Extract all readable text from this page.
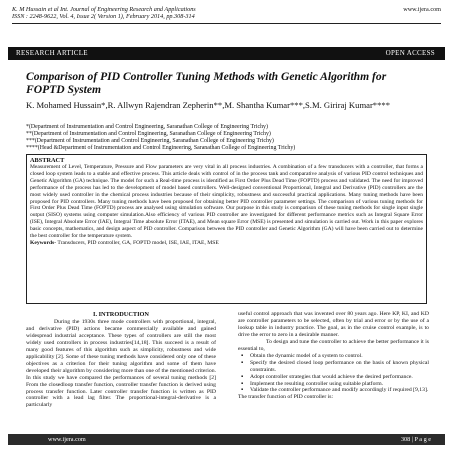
K. M Hussain et al Int. Journal of Engineering Research and Applications
ISSN : 2248-9622, Vol. 4, Issue 2( Version 1), February 2014, pp.308-314
www.ijera.com
RESEARCH ARTICLE	OPEN ACCESS
Comparison of PID Controller Tuning Methods with Genetic Algorithm for FOPTD System
K. Mohamed Hussain*,R. Allwyn Rajendran Zepherin**,M. Shantha Kumar***,S.M. Giriraj Kumar****
*(Department of Instrumentation and Control Engineering, Saranathan College of Engineering Trichy)
**(Department of Instrumentation and Control Engineering, Saranathan College of Engineering Trichy)
***(Department of Instrumentation and Control Engineering, Saranathan College of Engineering Trichy)
****(Head &Department of Instrumentation and Control Engineering, Saranathan College of Engineering Trichy)
ABSTRACT

Measurement of Level, Temperature, Pressure and Flow parameters are very vital in all process industries. A combination of a few transducers with a controller, that forms a closed loop system leads to a stable and effective process. This article deals with control of in the process tank and comparative analysis of various PID control techniques and Genetic Algorithm (GA) technique. The model for such a Real-time process is identified as First Order Plus Dead Time (FOPTD) process and validated. The need for improved performance of the process has led to the development of model based controllers. Well-designed conventional Proportional, Integral and Derivative (PID) controllers are the most widely used controller in the chemical process industries because of their simplicity, robustness and successful practical applications. Many tuning methods have been proposed for PID controllers. Many tuning methods have been proposed for obtaining better PID controller parameter settings. The comparison of various tuning methods for First Order Plus Dead Time (FOPTD) process are analysed using simulation software. Our purpose in this study is comparison of these tuning methods for single input single output (SISO) systems using computer simulation.Also efficiency of various PID controller are investigated for different performance metrics such as Integral Square Error (ISE), Integral Absolute Error (IAE), Integral Time absolute Error (ITAE), and Mean square Error (MSE) is presented and simulation is carried out. Work in this paper explores basic concepts, mathematics, and design aspect of PID controller. Comparison between the PID controller and Genetic Algorithm (GA) will have been carried out to determine the best controller for the temperature system.

Keywords- Transducers, PID controller, GA, FOPTD model, ISE, IAE, ITAE, MSE
I. INTRODUCTION

During the 1930s three mode controllers with proportional, integral, and derivative (PID) actions became commercially available and gained widespread industrial acceptance. These types of controllers are still the most widely used controllers in process industries[14,18]. This succeed is a result of many good features of this algorithm such as simplicity, robustness and wide applicability [2]. Some of these tuning methods have considered only one of these objectives as a criterion for their tuning algorithm and some of them have developed their algorithm by considering more than one of the mentioned criterion. In this study we have compared the performances of several tuning methods [2] From the closedloop transfer function, controller transfer function is derived using process transfer function. Later controller transfer function is written as PID controller with a lead lag filter. The proportional-integral-derivative is a particularly

useful control approach that was invented over 80 years ago. Here KP, KI, and KD are controller parameters to be selected, often by trial and error or by the use of a lookup table in industry practice. The goal, as in the cruise control example, is to drive the error to zero in a desirable manner.

To design and tune the controller to achieve the better performance it is essential to,

▪ Obtain the dynamic model of a system to control.
▪ Specify the desired closed loop performance on the basis of known physical constraints.
▪ Adopt controller strategies that would achieve the desired performance.
▪ Implement the resulting controller using suitable platform.
▪ Validate the controller performance and modify accordingly if required [9,13].

The transfer function of PID controller is:

www.ijera.com	308 | P a g e
